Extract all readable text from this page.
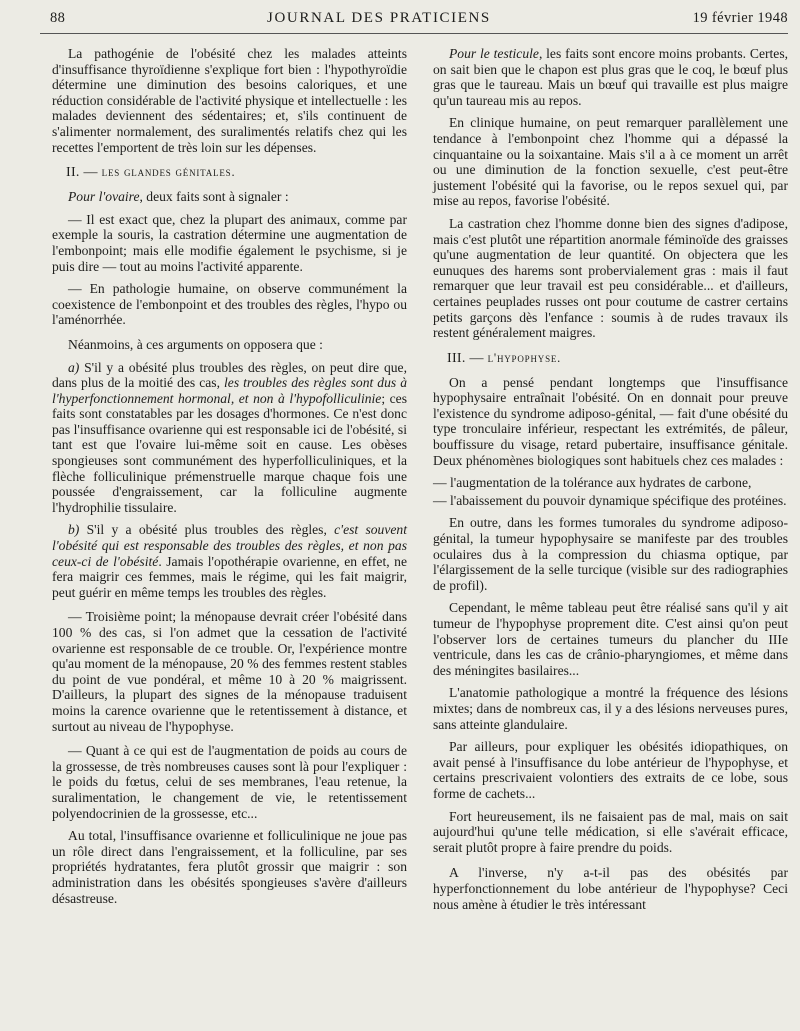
88	JOURNAL DES PRATICIENS	19 février 1948

La pathogénie de l'obésité chez les malades atteints d'insuffisance thyroïdienne s'explique fort bien : l'hypothyroïdie détermine une diminution des besoins caloriques, et une réduction considérable de l'activité physique et intellectuelle : les malades deviennent des sédentaires; et, s'ils continuent de s'alimenter normalement, des suralimentés relatifs chez qui les recettes l'emportent de très loin sur les dépenses.

II. — les glandes génitales.

Pour l'ovaire, deux faits sont à signaler :

— Il est exact que, chez la plupart des animaux, comme par exemple la souris, la castration détermine une augmentation de l'embonpoint; mais elle modifie également le psychisme, si je puis dire — tout au moins l'activité apparente.

— En pathologie humaine, on observe communément la coexistence de l'embonpoint et des troubles des règles, l'hypo ou l'aménorrhée.

Néanmoins, à ces arguments on opposera que :

a) S'il y a obésité plus troubles des règles, on peut dire que, dans plus de la moitié des cas, les troubles des règles sont dus à l'hyperfonctionnement hormonal, et non à l'hypofolliculinie; ces faits sont constatables par les dosages d'hormones. Ce n'est donc pas l'insuffisance ovarienne qui est responsable ici de l'obésité, si tant est que l'ovaire lui-même soit en cause. Les obèses spongieuses sont communément des hyperfolliculiniques, et la flèche folliculinique prémenstruelle marque chaque fois une poussée d'engraissement, car la folliculine augmente l'hydrophilie tissulaire.

b) S'il y a obésité plus troubles des règles, c'est souvent l'obésité qui est responsable des troubles des règles, et non pas ceux-ci de l'obésité. Jamais l'opothérapie ovarienne, en effet, ne fera maigrir ces femmes, mais le régime, qui les fait maigrir, peut guérir en même temps les troubles des règles.

— Troisième point; la ménopause devrait créer l'obésité dans 100 % des cas, si l'on admet que la cessation de l'activité ovarienne est responsable de ce trouble. Or, l'expérience montre qu'au moment de la ménopause, 20 % des femmes restent stables du point de vue pondéral, et même 10 à 20 % maigrissent. D'ailleurs, la plupart des signes de la ménopause traduisent moins la carence ovarienne que le retentissement à distance, et surtout au niveau de l'hypophyse.

— Quant à ce qui est de l'augmentation de poids au cours de la grossesse, de très nombreuses causes sont là pour l'expliquer : le poids du fœtus, celui de ses membranes, l'eau retenue, la suralimentation, le changement de vie, le retentissement polyendocrinien de la grossesse, etc...

Au total, l'insuffisance ovarienne et folliculinique ne joue pas un rôle direct dans l'engraissement, et la folliculine, par ses propriétés hydratantes, fera plutôt grossir que maigrir : son administration dans les obésités spongieuses s'avère d'ailleurs désastreuse.

Pour le testicule, les faits sont encore moins probants. Certes, on sait bien que le chapon est plus gras que le coq, le bœuf plus gras que le taureau. Mais un bœuf qui travaille est plus maigre qu'un taureau mis au repos.

En clinique humaine, on peut remarquer parallèlement une tendance à l'embonpoint chez l'homme qui a dépassé la cinquantaine ou la soixantaine. Mais s'il a à ce moment un arrêt ou une diminution de la fonction sexuelle, c'est peut-être justement l'obésité qui la favorise, ou le repos sexuel qui, par mise au repos, favorise l'obésité.

La castration chez l'homme donne bien des signes d'adipose, mais c'est plutôt une répartition anormale féminoïde des graisses qu'une augmentation de leur quantité. On objectera que les eunuques des harems sont probervialement gras : mais il faut remarquer que leur travail est peu considérable... et d'ailleurs, certaines peuplades russes ont pour coutume de castrer certains petits garçons dès l'enfance : soumis à de rudes travaux ils restent généralement maigres.

III. — l'hypophyse.

On a pensé pendant longtemps que l'insuffisance hypophysaire entraînait l'obésité. On en donnait pour preuve l'existence du syndrome adiposo-génital, — fait d'une obésité du type tronculaire inférieur, respectant les extrémités, de pâleur, bouffissure du visage, retard pubertaire, insuffisance génitale. Deux phénomènes biologiques sont habituels chez ces malades :

— l'augmentation de la tolérance aux hydrates de carbone,

— l'abaissement du pouvoir dynamique spécifique des protéines.

En outre, dans les formes tumorales du syndrome adiposo-génital, la tumeur hypophysaire se manifeste par des troubles oculaires dus à la compression du chiasma optique, par l'élargissement de la selle turcique (visible sur des radiographies de profil).

Cependant, le même tableau peut être réalisé sans qu'il y ait tumeur de l'hypophyse proprement dite. C'est ainsi qu'on peut l'observer lors de certaines tumeurs du plancher du IIIe ventricule, dans les cas de crânio-pharyngiomes, et même dans des méningites basilaires...

L'anatomie pathologique a montré la fréquence des lésions mixtes; dans de nombreux cas, il y a des lésions nerveuses pures, sans atteinte glandulaire.

Par ailleurs, pour expliquer les obésités idiopathiques, on avait pensé à l'insuffisance du lobe antérieur de l'hypophyse, et certains prescrivaient volontiers des extraits de ce lobe, sous forme de cachets...

Fort heureusement, ils ne faisaient pas de mal, mais on sait aujourd'hui qu'une telle médication, si elle s'avérait efficace, serait plutôt propre à faire prendre du poids.

A l'inverse, n'y a-t-il pas des obésités par hyperfonctionnement du lobe antérieur de l'hypophyse? Ceci nous amène à étudier le très intéressant
